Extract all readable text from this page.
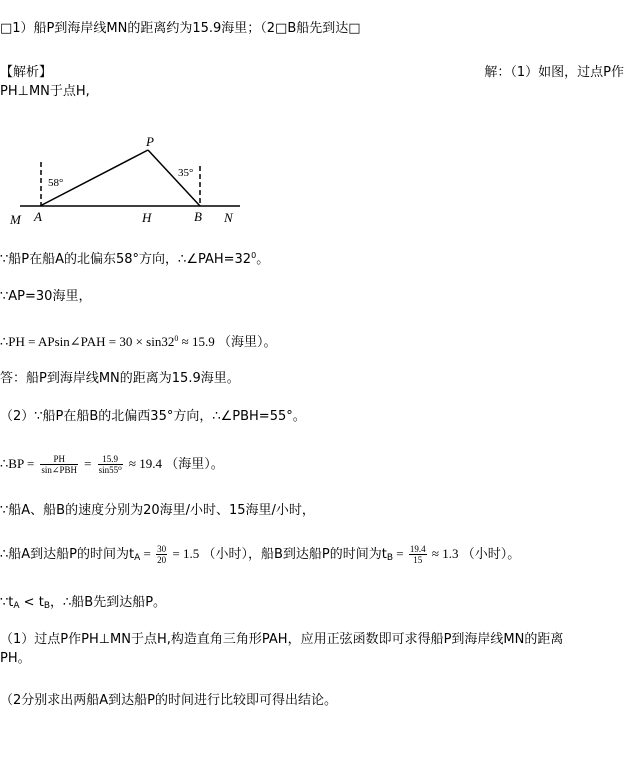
□1）船P到海岸线MN的距离约为15.9海里；（2□B船先到达□
【解析】	解：（1）如图，过点P作
PH⊥MN于点H,
P
58°
35°
M A	H	B N
∵船P在船A的北偏东58°方向，$\therefore\angle PAH=32^0$。
∵AP=30海里，
∴PH = APsin∠PAH = $30 \times \sin 32^0 \approx 15.9$ （海里）。
答：船P到海岸线MN的距离为15.9海里。
（2）∵船P在船B的北偏西35°方向，∴∠PBH=55°。
∴BP = $\frac{PH}{\text{sin∠PBH}} = \frac{15.9}{\text{sin55⁰}} \approx 19.4$ （海里）。
∵船A、船B的速度分别为20海里/小时、15海里/小时，
∴船A到达船P的时间为$t_A = \frac{30}{20} = 1.5$ （小时），船B到达船P的时间为$t_B = \frac{19.4}{15} \approx 1.3$ （小时）。
$\because t_A < t_B$，∴船B先到达船P。
（1）过点P作PH⊥MN于点H,构造直角三角形PAH，应用正弦函数即可求得船P到海岸线MN的距离
PH。
（2分别求出两船A到达船P的时间进行比较即可得出结论。
